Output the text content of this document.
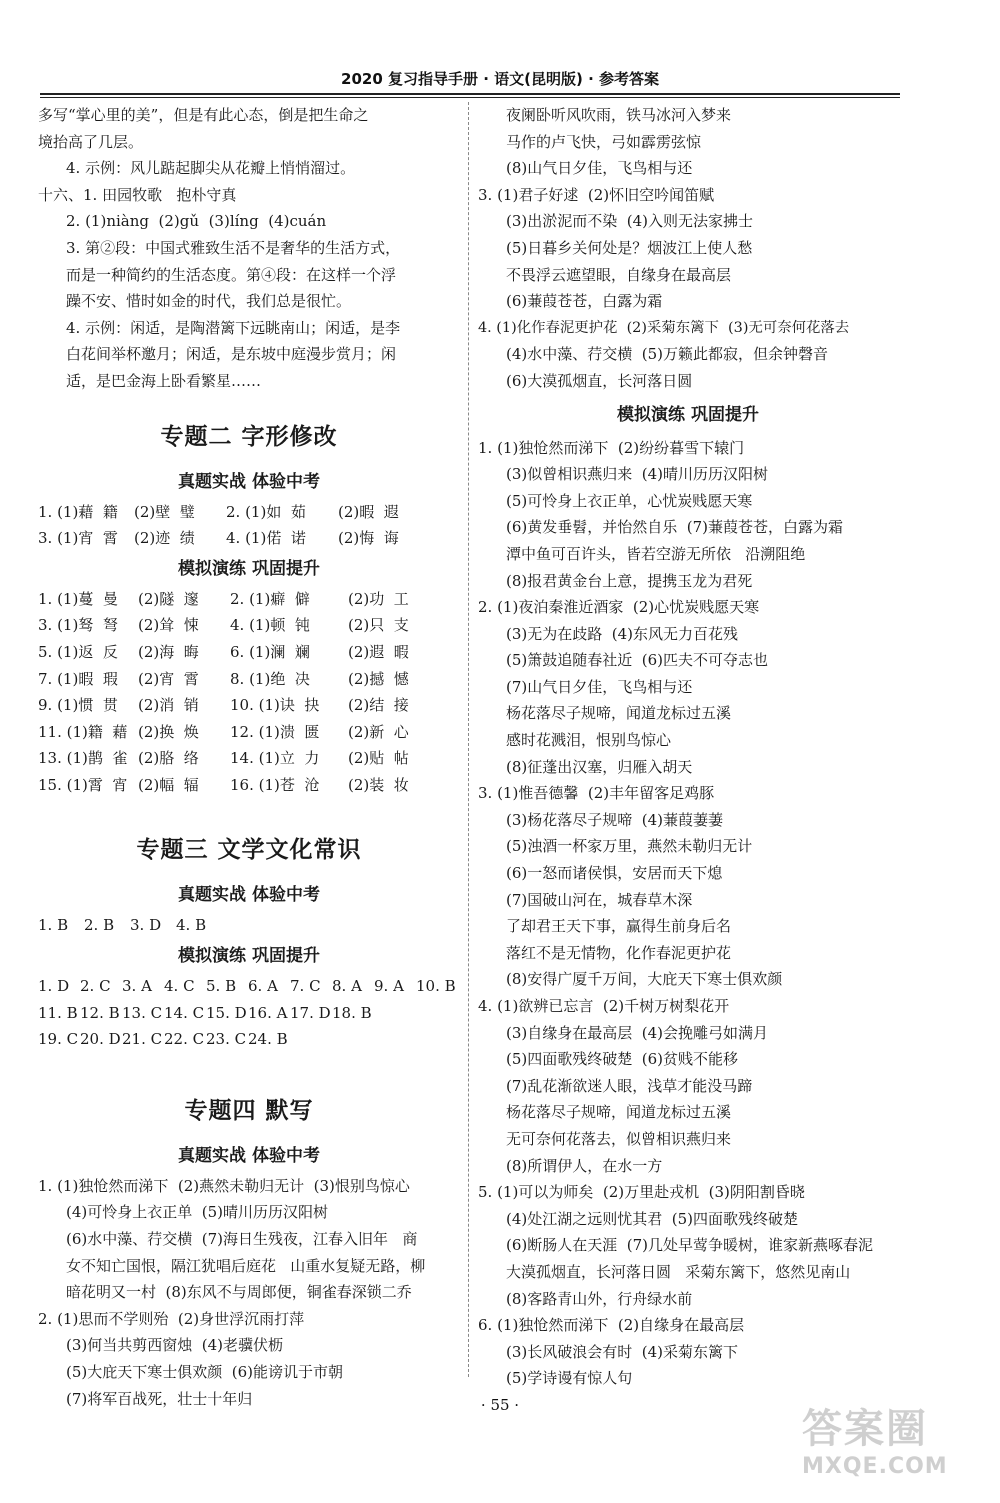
2020 复习指导手册 · 语文(昆明版) · 参考答案
多写“掌心里的美”，但是有此心态，倒是把生命之
境抬高了几层。
4. 示例：风儿踮起脚尖从花瓣上悄悄溜过。
十六、1. 田园牧歌   抱朴守真
2. (1)niàng  (2)gǔ  (3)líng  (4)cuán
3. 第②段：中国式雅致生活不是奢华的生活方式，
而是一种简约的生活态度。第④段：在这样一个浮
躁不安、惜时如金的时代，我们总是很忙。
4. 示例：闲适，是陶潜篱下远眺南山；闲适，是李
白花间举杯邀月；闲适，是东坡中庭漫步赏月；闲
适，是巴金海上卧看繁星……
专题二 字形修改
真题实战 体验中考
1. (1)藉  籍	(2)壁  璧	2. (1)如  茹	(2)暇  遐
3. (1)宵  霄	(2)迹  绩	4. (1)偌  诺	(2)悔  诲
模拟演练 巩固提升
1. (1)蔓  曼	(2)隧  邃	2. (1)癖  僻	(2)功  工
3. (1)驽  弩	(2)耸  悚	4. (1)顿  钝	(2)只  支
5. (1)返  反	(2)海  晦	6. (1)澜  斓	(2)遐  暇
7. (1)暇  瑕	(2)宵  霄	8. (1)绝  决	(2)撼  憾
9. (1)惯  贯	(2)消  销	10. (1)诀  抉	(2)结  接
11. (1)籍  藉 (2)换  焕	12. (1)溃  匮	(2)新  心
13. (1)鹊  雀 (2)胳  络	14. (1)立  力	(2)贴  帖
15. (1)霄  宵 (2)幅  辐	16. (1)苍  沧	(2)装  妆
专题三 文学文化常识
真题实战 体验中考
1. B	2. B	3. D 4. B
模拟演练 巩固提升
1. D 2. C 3. A 4. C 5. B 6. A 7. C 8. A 9. A 10. B
11. B 12. B 13. C 14. C 15. D 16. A 17. D 18. B
19. C 20. D 21. C 22. C 23. C 24. B
专题四 默写
真题实战 体验中考
1. (1)独怆然而涕下  (2)燕然未勒归无计  (3)恨别鸟惊心
(4)可怜身上衣正单  (5)晴川历历汉阳树
(6)水中藻、荇交横  (7)海日生残夜，江春入旧年   商
女不知亡国恨，隔江犹唱后庭花   山重水复疑无路，柳
暗花明又一村  (8)东风不与周郎便，铜雀春深锁二乔
2. (1)思而不学则殆  (2)身世浮沉雨打萍
(3)何当共剪西窗烛  (4)老骥伏枥
(5)大庇天下寒士俱欢颜  (6)能谤讥于市朝
(7)将军百战死，壮士十年归
夜阑卧听风吹雨，铁马冰河入梦来
马作的卢飞快，弓如霹雳弦惊
(8)山气日夕佳，飞鸟相与还
3. (1)君子好逑  (2)怀旧空吟闻笛赋
(3)出淤泥而不染  (4)入则无法家拂士
(5)日暮乡关何处是？烟波江上使人愁
不畏浮云遮望眼，自缘身在最高层
(6)蒹葭苍苍，白露为霜
4. (1)化作春泥更护花  (2)采菊东篱下  (3)无可奈何花落去
(4)水中藻、荇交横  (5)万籁此都寂，但余钟磬音
(6)大漠孤烟直，长河落日圆
模拟演练 巩固提升
1. (1)独怆然而涕下  (2)纷纷暮雪下辕门
(3)似曾相识燕归来  (4)晴川历历汉阳树
(5)可怜身上衣正单，心忧炭贱愿天寒
(6)黄发垂髫，并怡然自乐  (7)蒹葭苍苍，白露为霜
潭中鱼可百许头，皆若空游无所依   沿溯阻绝
(8)报君黄金台上意，提携玉龙为君死
2. (1)夜泊秦淮近酒家  (2)心忧炭贱愿天寒
(3)无为在歧路  (4)东风无力百花残
(5)箫鼓追随春社近  (6)匹夫不可夺志也
(7)山气日夕佳，飞鸟相与还
杨花落尽子规啼，闻道龙标过五溪
感时花溅泪，恨别鸟惊心
(8)征蓬出汉塞，归雁入胡天
3. (1)惟吾德馨  (2)丰年留客足鸡豚
(3)杨花落尽子规啼  (4)蒹葭萋萋
(5)浊酒一杯家万里，燕然未勒归无计
(6)一怒而诸侯惧，安居而天下熄
(7)国破山河在，城春草木深
了却君王天下事，赢得生前身后名
落红不是无情物，化作春泥更护花
(8)安得广厦千万间，大庇天下寒士俱欢颜
4. (1)欲辨已忘言  (2)千树万树梨花开
(3)自缘身在最高层  (4)会挽雕弓如满月
(5)四面歌残终破楚  (6)贫贱不能移
(7)乱花渐欲迷人眼，浅草才能没马蹄
杨花落尽子规啼，闻道龙标过五溪
无可奈何花落去，似曾相识燕归来
(8)所谓伊人，在水一方
5. (1)可以为师矣  (2)万里赴戎机  (3)阴阳割昏晓
(4)处江湖之远则忧其君  (5)四面歌残终破楚
(6)断肠人在天涯  (7)几处早莺争暖树，谁家新燕啄春泥
大漠孤烟直，长河落日圆   采菊东篱下，悠然见南山
(8)客路青山外，行舟绿水前
6. (1)独怆然而涕下  (2)自缘身在最高层
(3)长风破浪会有时  (4)采菊东篱下
(5)学诗谩有惊人句
· 55 ·
答案圈
MXQE.COM
